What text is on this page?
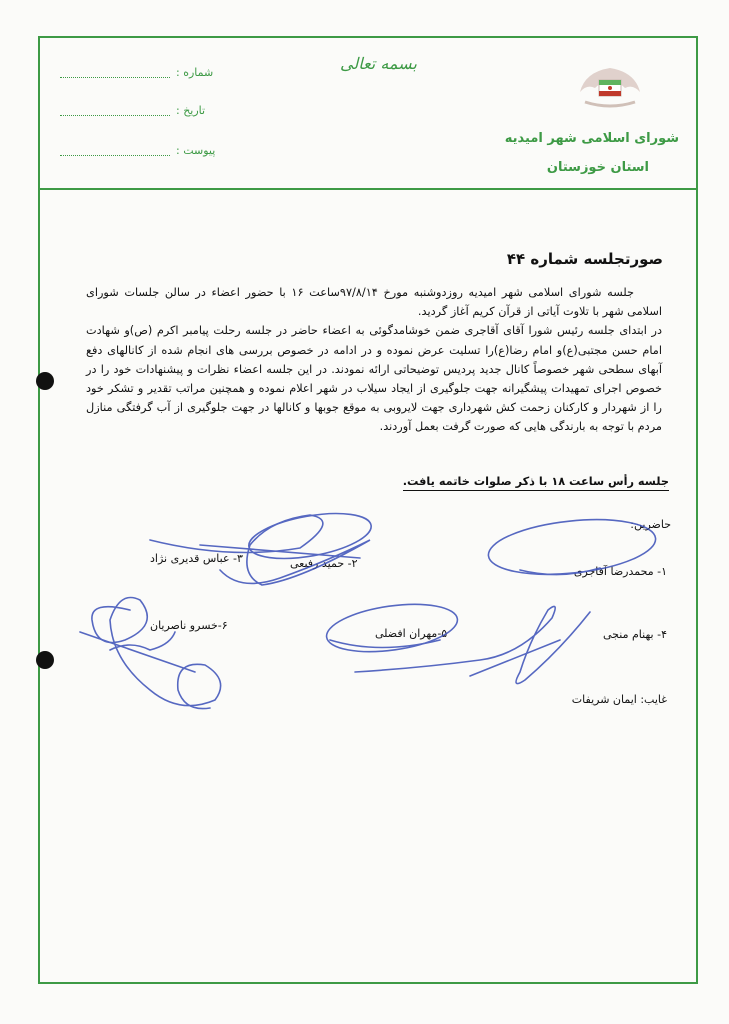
بسمه تعالی
شورای اسلامی شهر امیدیه
استان خوزستان
شماره :
تاریخ :
پیوست :
صورتجلسه شماره ۴۴

جلسه شورای اسلامی شهر امیدیه روزدوشنبه مورخ ۹۷/۸/۱۴ساعت ۱۶ با حضور اعضاء در سالن جلسات شورای اسلامی شهر با تلاوت آیاتی از قرآن کریم آغاز گردید.

در ابتدای جلسه رئیس شورا آقای آقاجری ضمن خوشامدگوئی به اعضاء حاضر در جلسه رحلت پیامبر اکرم (ص)و شهادت امام حسن مجتبی(ع)و امام رضا(ع)را تسلیت عرض نموده و در ادامه در خصوص بررسی های انجام شده از کانالهای دفع آبهای سطحی شهر خصوصاً کانال جدید پردیس توضیحاتی ارائه نمودند. در این جلسه اعضاء نظرات و پیشنهادات خود را در خصوص اجرای تمهیدات پیشگیرانه جهت جلوگیری از ایجاد سیلاب در شهر اعلام نموده و همچنین مراتب تقدیر و تشکر خود را از شهردار و کارکنان زحمت کش شهرداری جهت لایروبی به موقع جوبها و کانالها در جهت جلوگیری از آب گرفتگی منازل مردم با توجه به بارندگی هایی که صورت گرفت بعمل آوردند.

جلسه رأس ساعت ۱۸ با ذکر صلوات خاتمه یافت.
حاضرین:
۱- محمدرضا آقاجری
۲- حمید رفیعی
۳- عباس قدیری نژاد
۴- بهنام منجی
۵-مهران افضلی
۶-خسرو ناصریان
غایب: ایمان شریفات
